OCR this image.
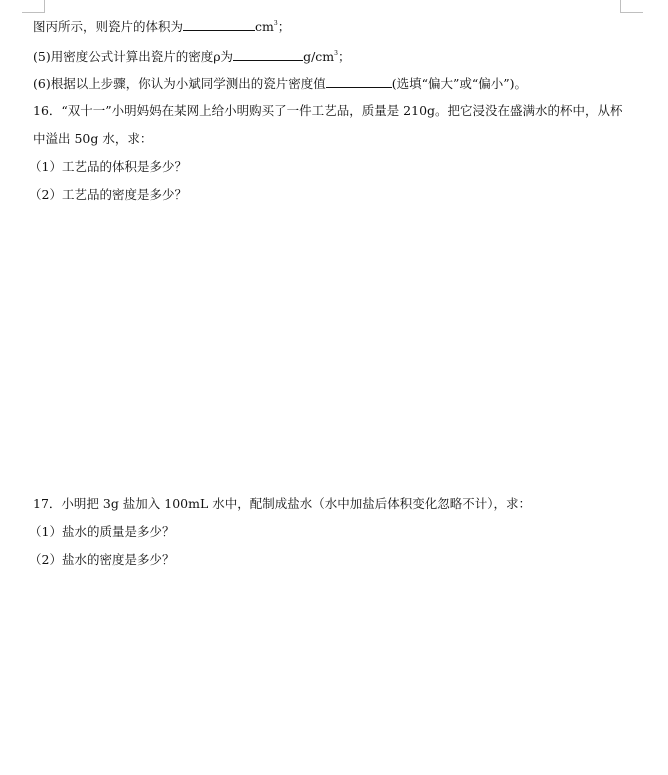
图丙所示，则瓷片的体积为	$cm^3$；
(5)用密度公式计算出瓷片的密度ρ为	$g/cm^3$；
(6)根据以上步骤，你认为小斌同学测出的瓷片密度值	(选填“偏大”或“偏小”)。
16．“双十一”小明妈妈在某网上给小明购买了一件工艺品，质量是 210g。把它浸没在盛满水的杯中，从杯
中溢出 50g 水，求：
（1）工艺品的体积是多少？
（2）工艺品的密度是多少？
17．小明把 3g 盐加入 100mL 水中，配制成盐水（水中加盐后体积变化忽略不计），求：
（1）盐水的质量是多少？
（2）盐水的密度是多少？
